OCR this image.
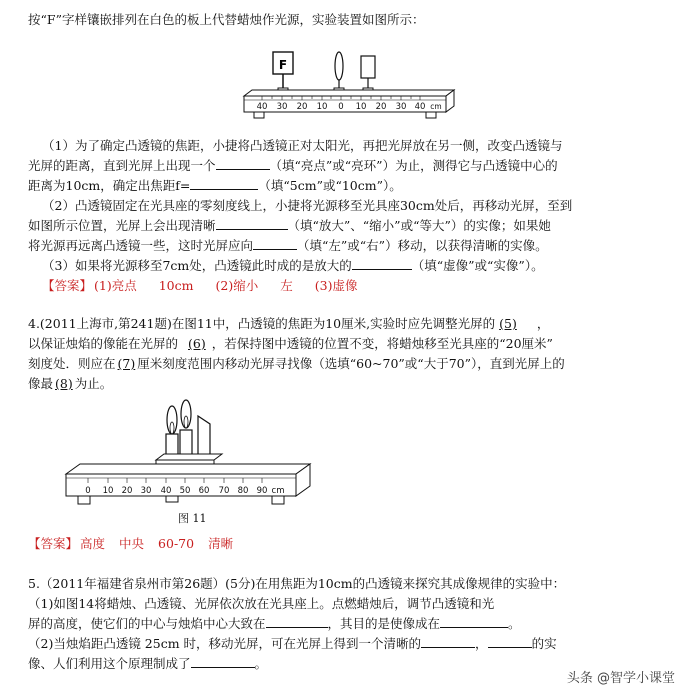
按“F”字样镶嵌排列在白色的板上代替蜡烛作光源，实验装置如图所示：
F
40 30 20 10 0 10 20 30 40 cm
（1）为了确定凸透镜的焦距，小捷将凸透镜正对太阳光，再把光屏放在另一侧，改变凸透镜与
光屏的距离，直到光屏上出现一个	（填“亮点”或“亮环”）为止，测得它与凸透镜中心的
距离为10cm，确定出焦距f=	（填“5cm”或“10cm”）。
（2）凸透镜固定在光具座的零刻度线上，小捷将光源移至光具座30cm处后，再移动光屏，至到
如图所示位置，光屏上会出现清晰	（填“放大”、“缩小”或“等大”）的实像；如果她
将光源再远离凸透镜一些，这时光屏应向	（填“左”或“右”）移动，以获得清晰的实像。
（3）如果将光源移至7cm处，凸透镜此时成的是放大的	（填“虚像”或“实像”）。
【答案】 (1)亮点 10cm (2)缩小 左 (3)虚像
4.(2011上海市,第241题)在图11中，凸透镜的焦距为10厘米,实验时应先调整光屏的 (5) ，
以保证烛焰的像能在光屏的 (6) ，若保持图中透镜的位置不变，将蜡烛移至光具座的“20厘米”
刻度处．则应在 (7) 厘米刻度范围内移动光屏寻找像（选填“60~70”或“大于70”），直到光屏上的
像最 (8) 为止。
0 10 20 30 40 50 60 70 80 90 cm
图 11
【答案】 高度 中央 60-70 清晰
5.（2011年福建省泉州市第26题）(5分)在用焦距为10cm的凸透镜来探究其成像规律的实验中：
（1)如图14将蜡烛、凸透镜、光屏依次放在光具座上。点燃蜡烛后，调节凸透镜和光
屏的高度，使它们的中心与烛焰中心大致在	，其目的是使像成在	。
（2)当烛焰距凸透镜 25cm 时，移动光屏，可在光屏上得到一个清晰的	，	的实
像、人们利用这个原理制成了	。
头条 @智学小课堂
